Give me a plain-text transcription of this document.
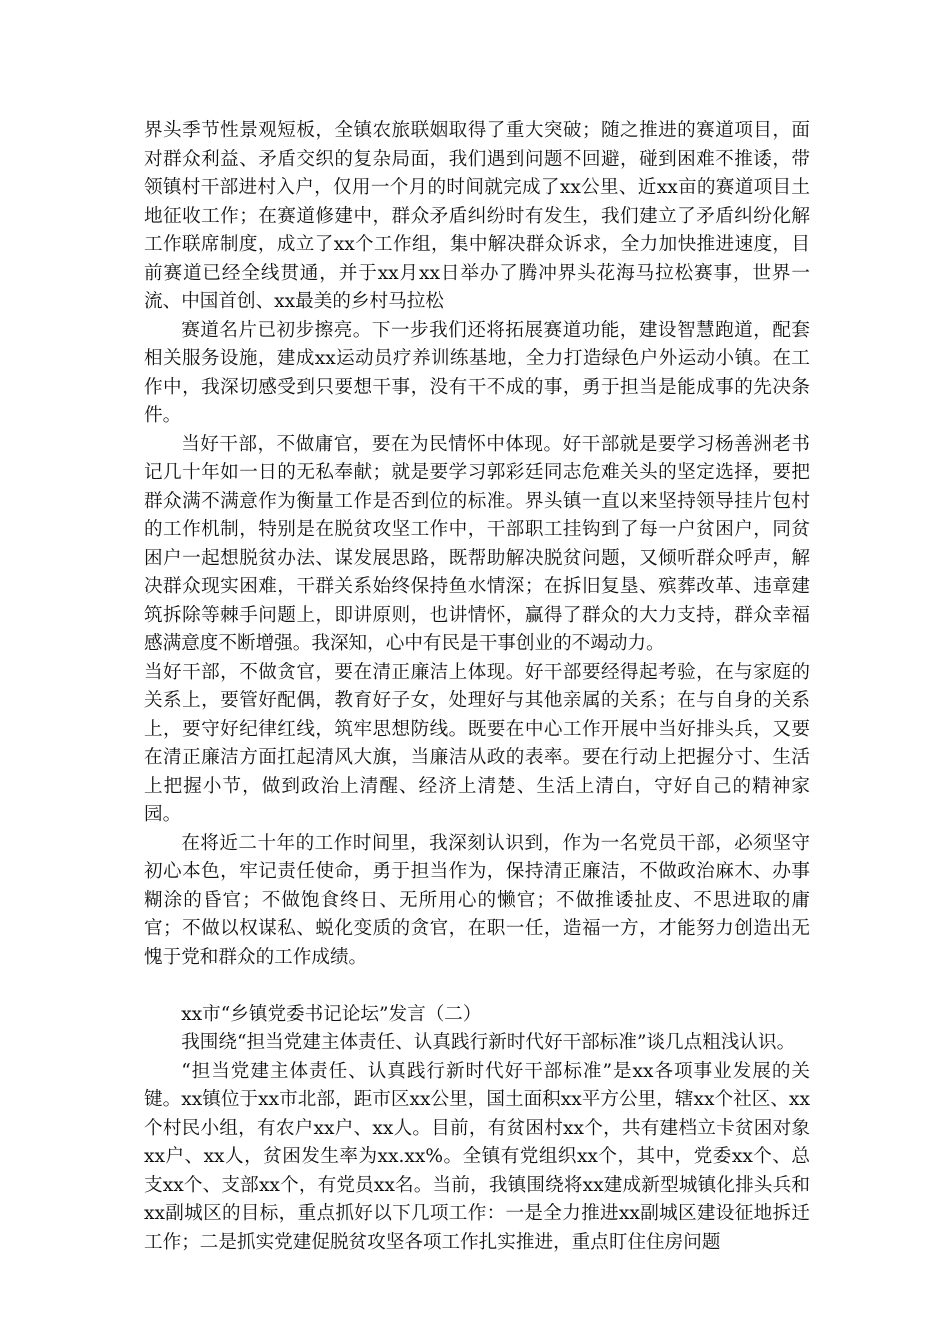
界头季节性景观短板，全镇农旅联姻取得了重大突破；随之推进的赛道项目，面对群众利益、矛盾交织的复杂局面，我们遇到问题不回避，碰到困难不推诿，带领镇村干部进村入户，仅用一个月的时间就完成了xx公里、近xx亩的赛道项目土地征收工作；在赛道修建中，群众矛盾纠纷时有发生，我们建立了矛盾纠纷化解工作联席制度，成立了xx个工作组，集中解决群众诉求，全力加快推进速度，目前赛道已经全线贯通，并于xx月xx日举办了腾冲界头花海马拉松赛事，世界一流、中国首创、xx最美的乡村马拉松

赛道名片已初步擦亮。下一步我们还将拓展赛道功能，建设智慧跑道，配套相关服务设施，建成xx运动员疗养训练基地，全力打造绿色户外运动小镇。在工作中，我深切感受到只要想干事，没有干不成的事，勇于担当是能成事的先决条件。

当好干部，不做庸官，要在为民情怀中体现。好干部就是要学习杨善洲老书记几十年如一日的无私奉献；就是要学习郭彩廷同志危难关头的坚定选择，要把群众满不满意作为衡量工作是否到位的标准。界头镇一直以来坚持领导挂片包村的工作机制，特别是在脱贫攻坚工作中，干部职工挂钩到了每一户贫困户，同贫困户一起想脱贫办法、谋发展思路，既帮助解决脱贫问题，又倾听群众呼声，解决群众现实困难，干群关系始终保持鱼水情深；在拆旧复垦、殡葬改革、违章建筑拆除等棘手问题上，即讲原则，也讲情怀，赢得了群众的大力支持，群众幸福感满意度不断增强。我深知，心中有民是干事创业的不竭动力。

当好干部，不做贪官，要在清正廉洁上体现。好干部要经得起考验，在与家庭的关系上，要管好配偶，教育好子女，处理好与其他亲属的关系；在与自身的关系上，要守好纪律红线，筑牢思想防线。既要在中心工作开展中当好排头兵，又要在清正廉洁方面扛起清风大旗，当廉洁从政的表率。要在行动上把握分寸、生活上把握小节，做到政治上清醒、经济上清楚、生活上清白，守好自己的精神家园。

在将近二十年的工作时间里，我深刻认识到，作为一名党员干部，必须坚守初心本色，牢记责任使命，勇于担当作为，保持清正廉洁，不做政治麻木、办事糊涂的昏官；不做饱食终日、无所用心的懒官；不做推诿扯皮、不思进取的庸官；不做以权谋私、蜕化变质的贪官，在职一任，造福一方，才能努力创造出无愧于党和群众的工作成绩。

xx市“乡镇党委书记论坛”发言（二）

我围绕“担当党建主体责任、认真践行新时代好干部标准”谈几点粗浅认识。

“担当党建主体责任、认真践行新时代好干部标准”是xx各项事业发展的关键。xx镇位于xx市北部，距市区xx公里，国土面积xx平方公里，辖xx个社区、xx个村民小组，有农户xx户、xx人。目前，有贫困村xx个，共有建档立卡贫困对象xx户、xx人，贫困发生率为xx.xx%。全镇有党组织xx个，其中，党委xx个、总支xx个、支部xx个，有党员xx名。当前，我镇围绕将xx建成新型城镇化排头兵和xx副城区的目标，重点抓好以下几项工作：一是全力推进xx副城区建设征地拆迁工作；二是抓实党建促脱贫攻坚各项工作扎实推进，重点盯住住房问题
